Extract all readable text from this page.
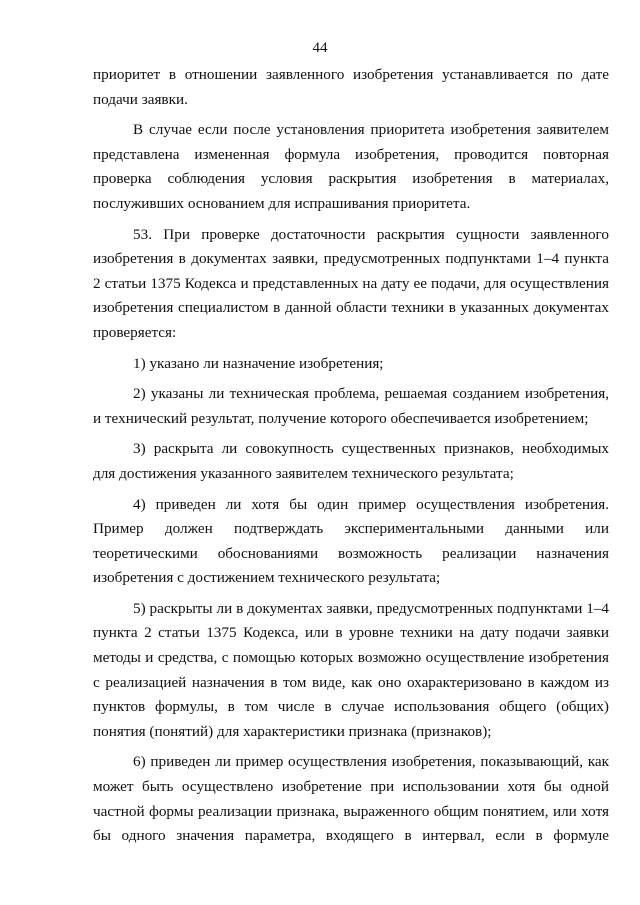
44

приоритет в отношении заявленного изобретения устанавливается по дате подачи заявки.

В случае если после установления приоритета изобретения заявителем представлена измененная формула изобретения, проводится повторная проверка соблюдения условия раскрытия изобретения в материалах, послуживших основанием для испрашивания приоритета.

53. При проверке достаточности раскрытия сущности заявленного изобретения в документах заявки, предусмотренных подпунктами 1–4 пункта 2 статьи 1375 Кодекса и представленных на дату ее подачи, для осуществления изобретения специалистом в данной области техники в указанных документах проверяется:

1) указано ли назначение изобретения;

2) указаны ли техническая проблема, решаемая созданием изобретения, и технический результат, получение которого обеспечивается изобретением;

3) раскрыта ли совокупность существенных признаков, необходимых для достижения указанного заявителем технического результата;

4) приведен ли хотя бы один пример осуществления изобретения. Пример должен подтверждать экспериментальными данными или теоретическими обоснованиями возможность реализации назначения изобретения с достижением технического результата;

5) раскрыты ли в документах заявки, предусмотренных подпунктами 1–4 пункта 2 статьи 1375 Кодекса, или в уровне техники на дату подачи заявки методы и средства, с помощью которых возможно осуществление изобретения с реализацией назначения в том виде, как оно охарактеризовано в каждом из пунктов формулы, в том числе в случае использования общего (общих) понятия (понятий) для характеристики признака (признаков);

6) приведен ли пример осуществления изобретения, показывающий, как может быть осуществлено изобретение при использовании хотя бы одной частной формы реализации признака, выраженного общим понятием, или хотя бы одного значения параметра, входящего в интервал, если в формуле
